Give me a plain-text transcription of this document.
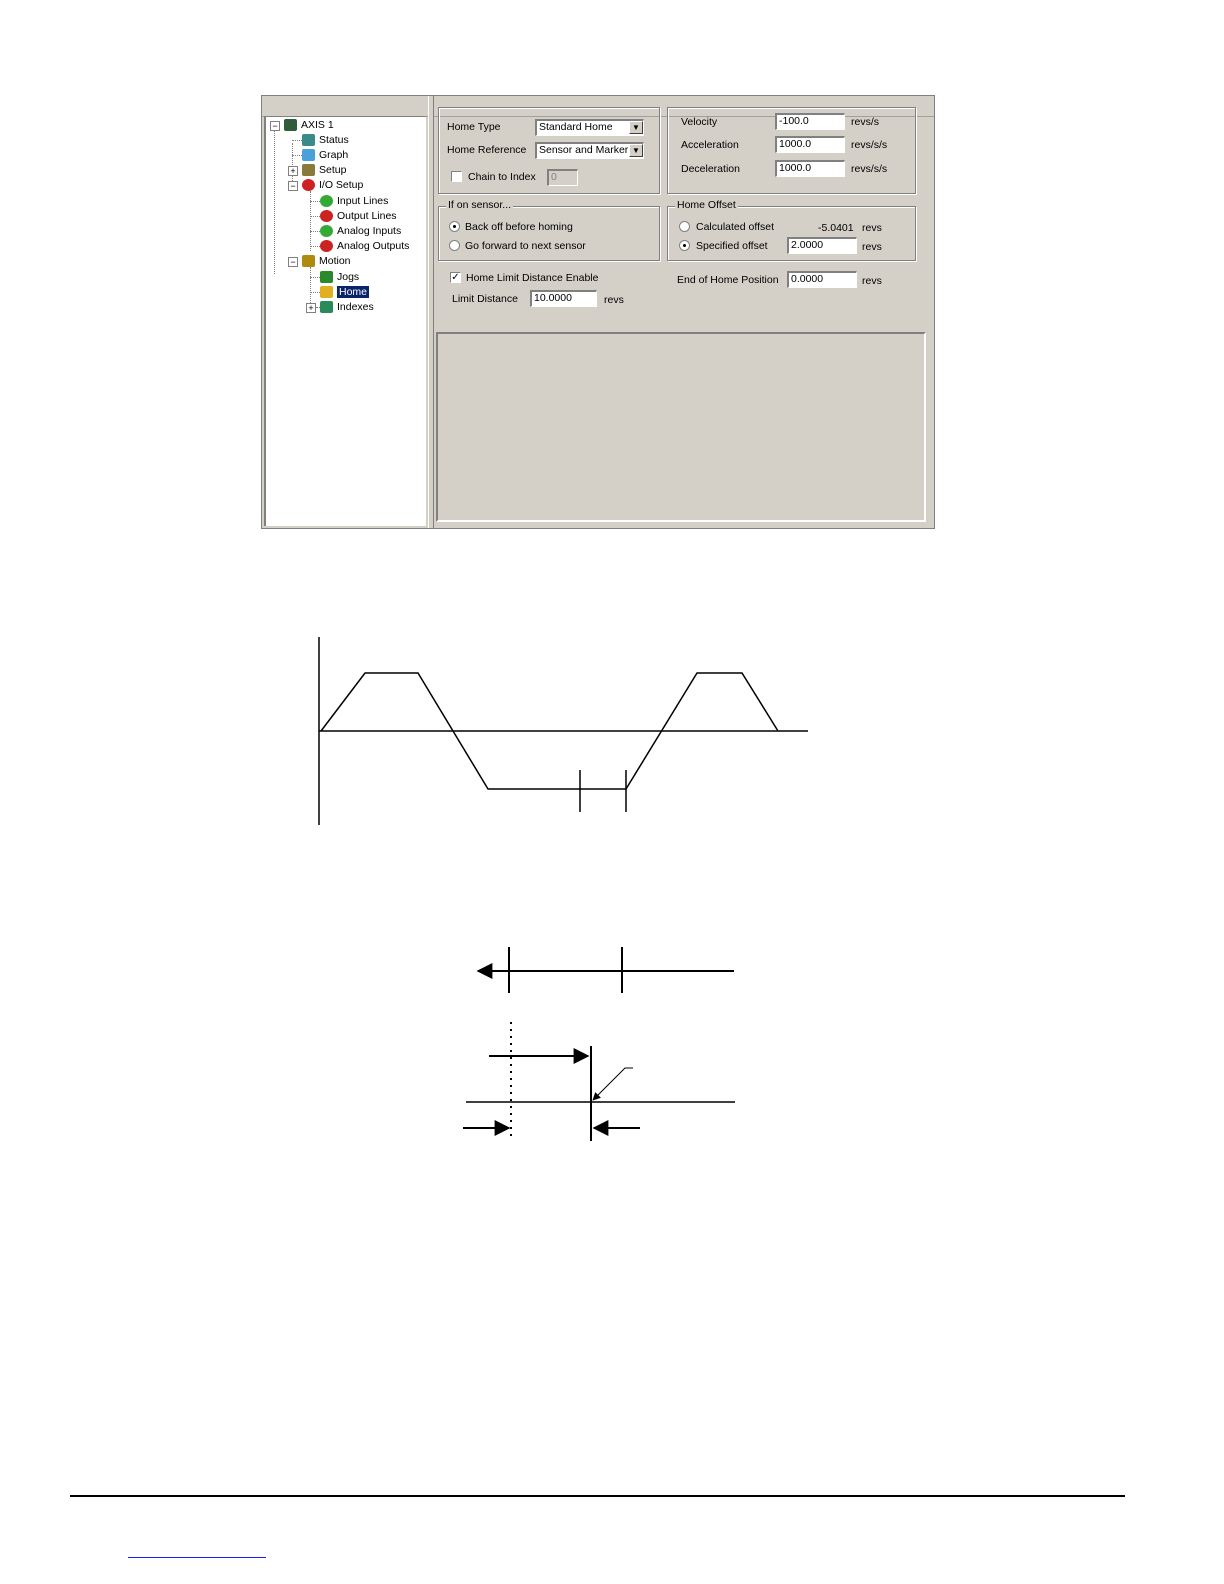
− AXIS 1
Status
Graph
+ Setup
− I/O Setup
Input Lines
Output Lines
Analog Inputs
Analog Outputs
− Motion
Jogs
Home
+ Indexes
Home Type	Standard Home	▼
Home Reference	Sensor and Marker ▼
Chain to Index	0
Velocity	-100.0	revs/s
Acceleration	1000.0	revs/s/s
Deceleration	1000.0	revs/s/s
If on sensor...
Back off before homing
Go forward to next sensor
Home Offset
Calculated offset	-5.0401 revs
Specified offset	2.0000	revs
✓ Home Limit Distance Enable
Limit Distance	10.0000	revs
End of Home Position	0.0000	revs
